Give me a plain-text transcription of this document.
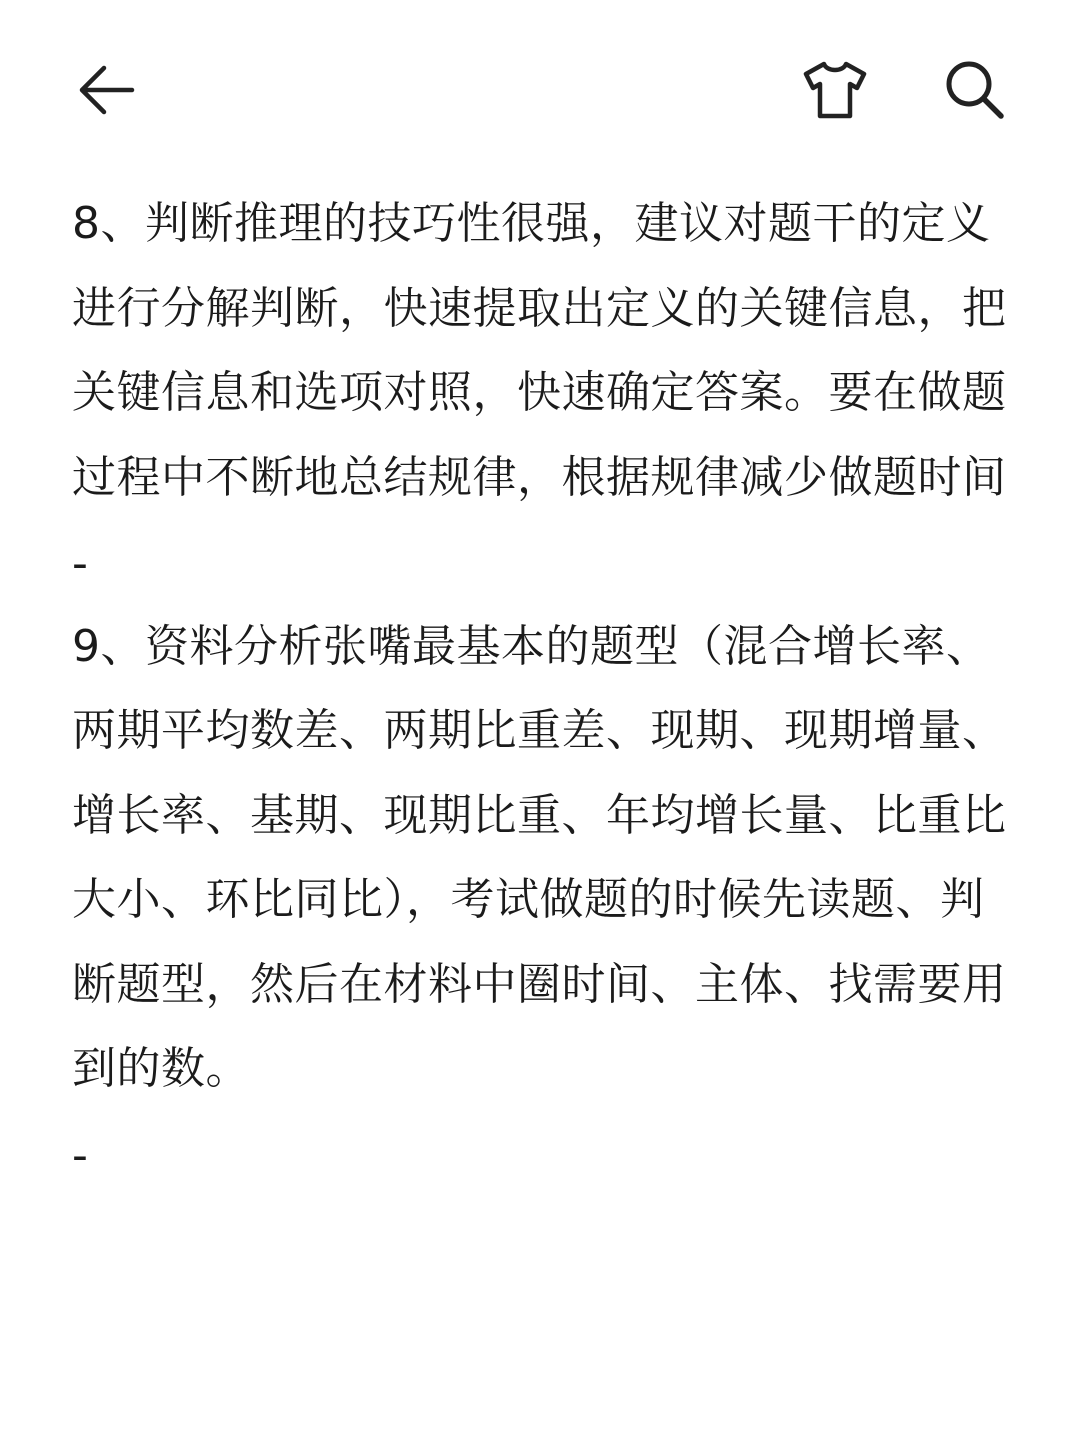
8、判断推理的技巧性很强，建议对题干的定义进行分解判断，快速提取出定义的关键信息，把关键信息和选项对照，快速确定答案。要在做题过程中不断地总结规律，根据规律减少做题时间

-

9、资料分析张嘴最基本的题型（混合增长率、两期平均数差、两期比重差、现期、现期增量、增长率、基期、现期比重、年均增长量、比重比大小、环比同比），考试做题的时候先读题、判断题型，然后在材料中圈时间、主体、找需要用到的数。

-
